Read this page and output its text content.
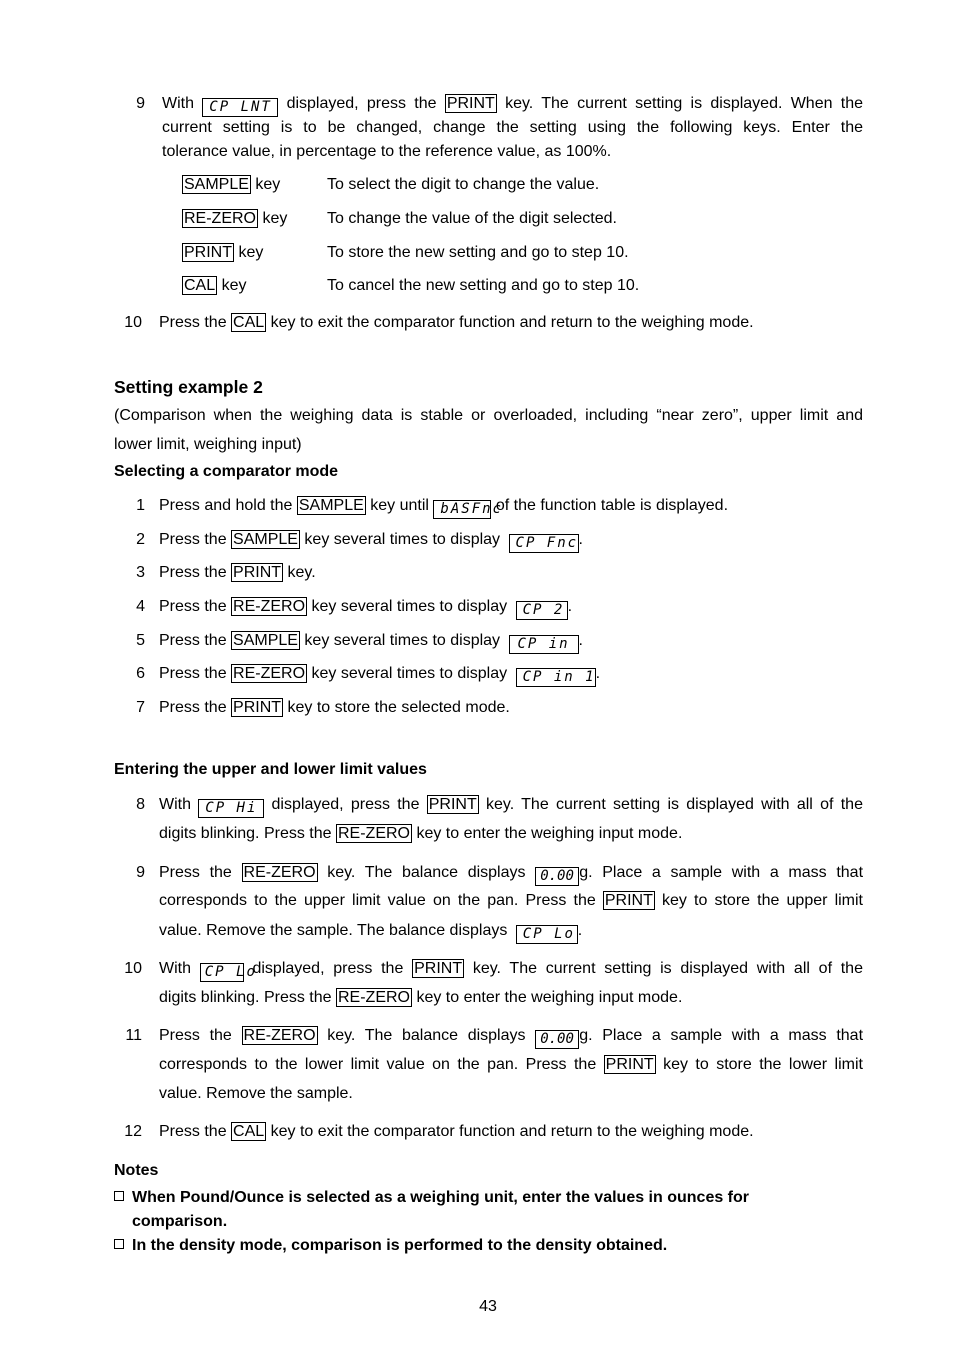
9 With CP LNT displayed, press the PRINT key. The current setting is displayed. When the
current setting is to be changed, change the setting using the following keys. Enter the
tolerance value, in percentage to the reference value, as 100%.
SAMPLE key	To select the digit to change the value.
RE-ZERO key To change the value of the digit selected.
PRINT key	To store the new setting and go to step 10.
CAL key	To cancel the new setting and go to step 10.
10 Press the CAL key to exit the comparator function and return to the weighing mode.
Setting example 2
(Comparison when the weighing data is stable or overloaded, including “near zero”, upper limit and
lower limit, weighing input)
Selecting a comparator mode
1 Press and hold the SAMPLE key until bASFnc of the function table is displayed.
2 Press the SAMPLE key several times to display CP Fnc.
3 Press the PRINT key.
4 Press the RE-ZERO key several times to display CP 2 .
5 Press the SAMPLE key several times to display CP in .
6 Press the RE-ZERO key several times to display CP in 1.
7 Press the PRINT key to store the selected mode.
Entering the upper and lower limit values
8 With CP Hi displayed, press the PRINT key. The current setting is displayed with all of the
digits blinking. Press the RE-ZERO key to enter the weighing input mode.
9 Press the RE-ZERO key. The balance displays 0.00 g. Place a sample with a mass that
corresponds to the upper limit value on the pan. Press the PRINT key to store the upper limit
value. Remove the sample. The balance displays CP Lo .
10 With CP Lo displayed, press the PRINT key. The current setting is displayed with all of the
digits blinking. Press the RE-ZERO key to enter the weighing input mode.
11 Press the RE-ZERO key. The balance displays 0.00 g. Place a sample with a mass that
corresponds to the lower limit value on the pan. Press the PRINT key to store the lower limit
value. Remove the sample.
12 Press the CAL key to exit the comparator function and return to the weighing mode.
Notes
When Pound/Ounce is selected as a weighing unit, enter the values in ounces for
comparison.
In the density mode, comparison is performed to the density obtained.
43
